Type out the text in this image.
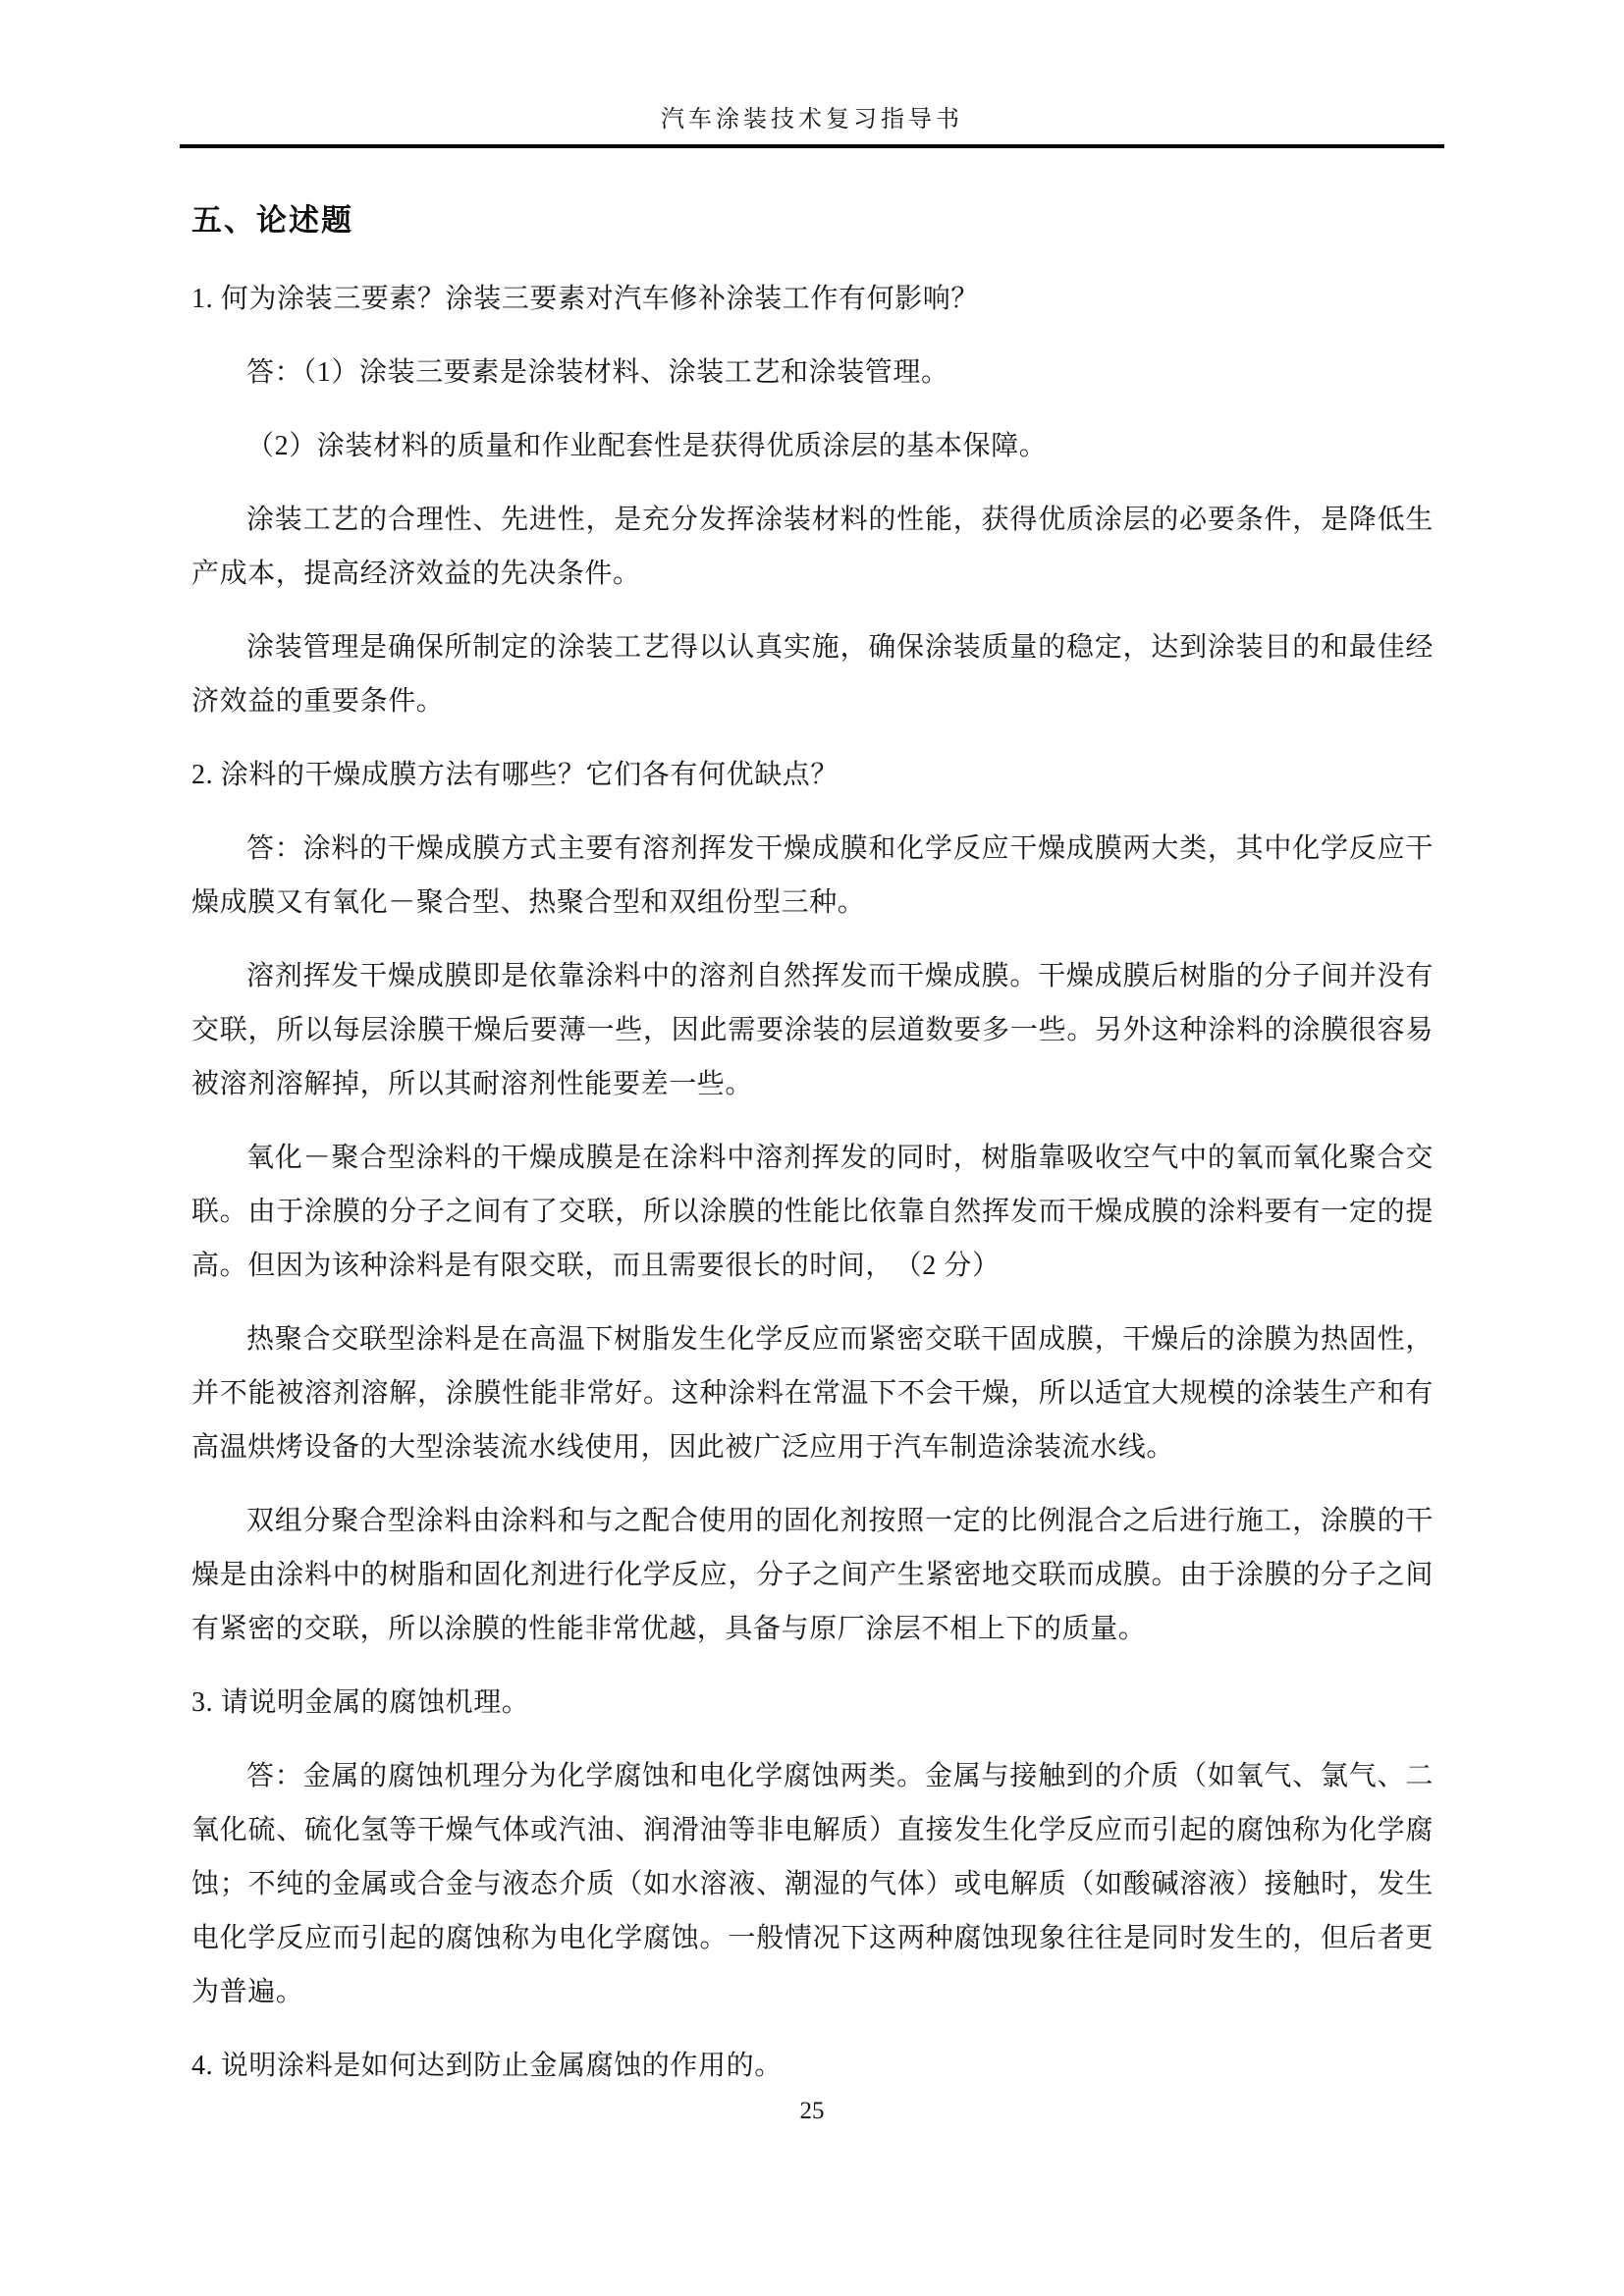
汽车涂装技术复习指导书
五、论述题

1. 何为涂装三要素？涂装三要素对汽车修补涂装工作有何影响？

答：（1）涂装三要素是涂装材料、涂装工艺和涂装管理。

（2）涂装材料的质量和作业配套性是获得优质涂层的基本保障。

涂装工艺的合理性、先进性，是充分发挥涂装材料的性能，获得优质涂层的必要条件，是降低生产成本，提高经济效益的先决条件。

涂装管理是确保所制定的涂装工艺得以认真实施，确保涂装质量的稳定，达到涂装目的和最佳经济效益的重要条件。

2. 涂料的干燥成膜方法有哪些？它们各有何优缺点？

答：涂料的干燥成膜方式主要有溶剂挥发干燥成膜和化学反应干燥成膜两大类，其中化学反应干燥成膜又有氧化－聚合型、热聚合型和双组份型三种。

溶剂挥发干燥成膜即是依靠涂料中的溶剂自然挥发而干燥成膜。干燥成膜后树脂的分子间并没有交联，所以每层涂膜干燥后要薄一些，因此需要涂装的层道数要多一些。另外这种涂料的涂膜很容易被溶剂溶解掉，所以其耐溶剂性能要差一些。

氧化－聚合型涂料的干燥成膜是在涂料中溶剂挥发的同时，树脂靠吸收空气中的氧而氧化聚合交联。由于涂膜的分子之间有了交联，所以涂膜的性能比依靠自然挥发而干燥成膜的涂料要有一定的提高。但因为该种涂料是有限交联，而且需要很长的时间，　（2 分）

热聚合交联型涂料是在高温下树脂发生化学反应而紧密交联干固成膜，干燥后的涂膜为热固性，并不能被溶剂溶解，涂膜性能非常好。这种涂料在常温下不会干燥，所以适宜大规模的涂装生产和有高温烘烤设备的大型涂装流水线使用，因此被广泛应用于汽车制造涂装流水线。

双组分聚合型涂料由涂料和与之配合使用的固化剂按照一定的比例混合之后进行施工，涂膜的干燥是由涂料中的树脂和固化剂进行化学反应，分子之间产生紧密地交联而成膜。由于涂膜的分子之间有紧密的交联，所以涂膜的性能非常优越，具备与原厂涂层不相上下的质量。

3. 请说明金属的腐蚀机理。

答：金属的腐蚀机理分为化学腐蚀和电化学腐蚀两类。金属与接触到的介质（如氧气、氯气、二氧化硫、硫化氢等干燥气体或汽油、润滑油等非电解质）直接发生化学反应而引起的腐蚀称为化学腐蚀；不纯的金属或合金与液态介质（如水溶液、潮湿的气体）或电解质（如酸碱溶液）接触时，发生电化学反应而引起的腐蚀称为电化学腐蚀。一般情况下这两种腐蚀现象往往是同时发生的，但后者更为普遍。

4. 说明涂料是如何达到防止金属腐蚀的作用的。

25
